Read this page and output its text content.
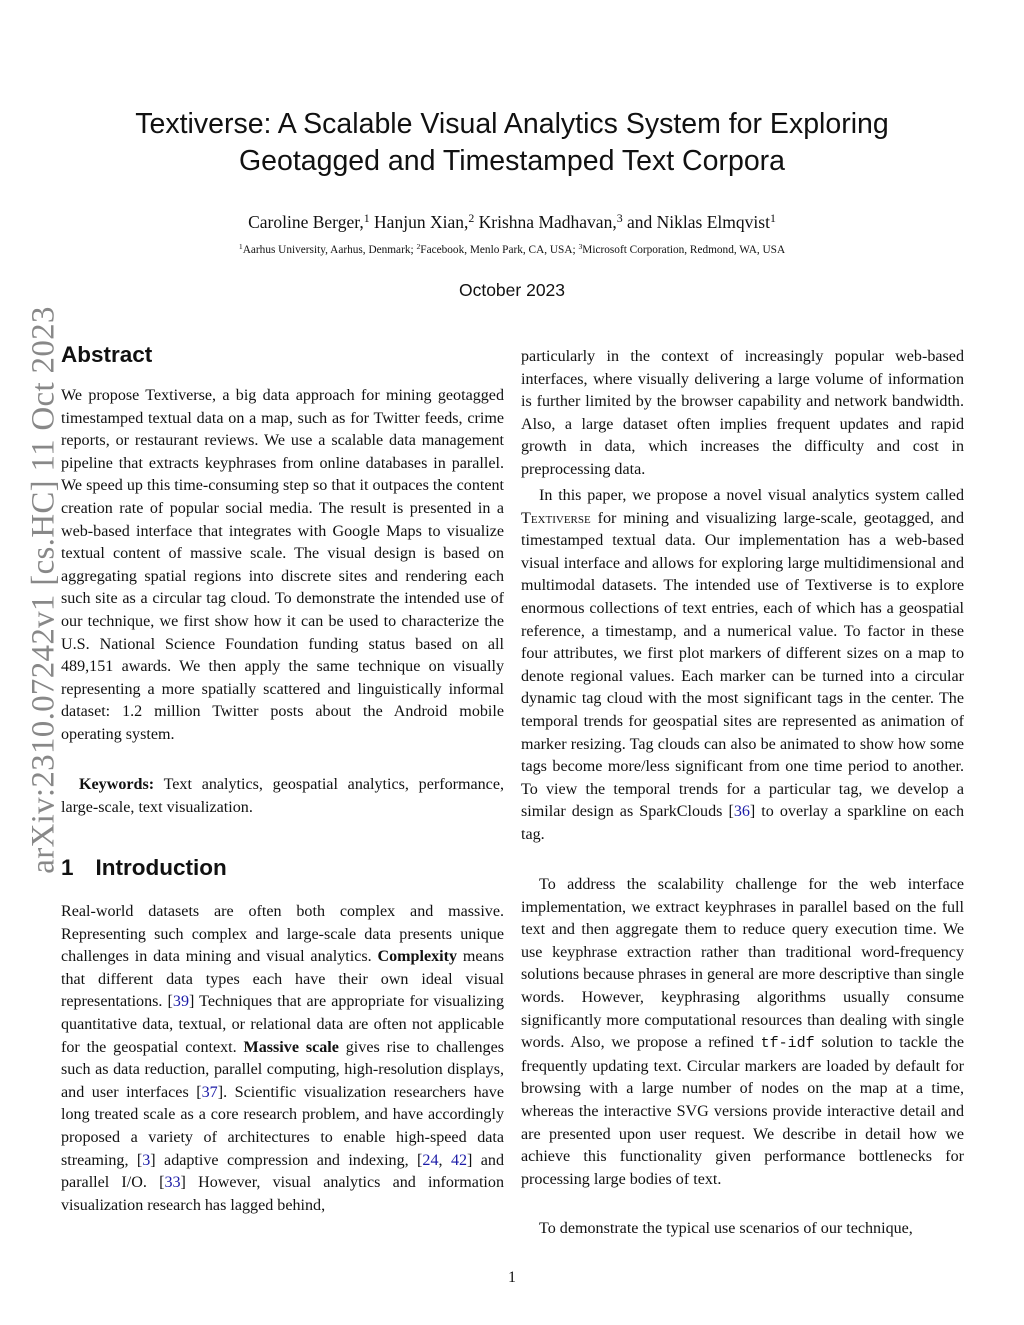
Textiverse: A Scalable Visual Analytics System for Exploring
Geotagged and Timestamped Text Corpora
Caroline Berger,$^1$ Hanjun Xian,$^2$ Krishna Madhavan,$^3$ and Niklas Elmqvist$^1$
$^1$Aarhus University, Aarhus, Denmark; $^2$Facebook, Menlo Park, CA, USA; $^3$Microsoft Corporation, Redmond, WA, USA
October 2023
arXiv:2310.07242v1 [cs.HC] 11 Oct 2023 Abstract

We propose Textiverse, a big data approach for mining geotagged timestamped textual data on a map, such as for Twitter feeds, crime reports, or restaurant reviews. We use a scalable data management pipeline that extracts keyphrases from online databases in parallel. We speed up this time-consuming step so that it outpaces the content creation rate of popular social media. The result is presented in a web-based interface that integrates with Google Maps to visualize textual content of massive scale. The visual design is based on aggregating spatial regions into discrete sites and rendering each such site as a circular tag cloud. To demonstrate the intended use of our technique, we first show how it can be used to characterize the U.S. National Science Foundation funding status based on all 489,151 awards. We then apply the same technique on visually representing a more spatially scattered and linguistically informal dataset: 1.2 million Twitter posts about the Android mobile operating system.

Keywords: Text analytics, geospatial analytics, performance, large-scale, text visualization.

1 Introduction

Real-world datasets are often both complex and massive. Representing such complex and large-scale data presents unique challenges in data mining and visual analytics. Complexity means that different data types each have their own ideal visual representations. [39] Techniques that are appropriate for visualizing quantitative data, textual, or relational data are often not applicable for the geospatial context. Massive scale gives rise to challenges such as data reduction, parallel computing, high-resolution displays, and user interfaces [37]. Scientific visualization researchers have long treated scale as a core research problem, and have accordingly proposed a variety of architectures to enable high-speed data streaming, [3] adaptive compression and indexing, [24, 42] and parallel I/O. [33] However, visual analytics and information visualization research has lagged behind,

particularly in the context of increasingly popular web-based interfaces, where visually delivering a large volume of information is further limited by the browser capability and network bandwidth. Also, a large dataset often implies frequent updates and rapid growth in data, which increases the difficulty and cost in preprocessing data.

In this paper, we propose a novel visual analytics system called Textiverse for mining and visualizing large-scale, geotagged, and timestamped textual data. Our implementation has a web-based visual interface and allows for exploring large multidimensional and multimodal datasets. The intended use of Textiverse is to explore enormous collections of text entries, each of which has a geospatial reference, a timestamp, and a numerical value. To factor in these four attributes, we first plot markers of different sizes on a map to denote regional values. Each marker can be turned into a circular dynamic tag cloud with the most significant tags in the center. The temporal trends for geospatial sites are represented as animation of marker resizing. Tag clouds can also be animated to show how some tags become more/less significant from one time period to another. To view the temporal trends for a particular tag, we develop a similar design as SparkClouds [36] to overlay a sparkline on each tag.

To address the scalability challenge for the web interface implementation, we extract keyphrases in parallel based on the full text and then aggregate them to reduce query execution time. We use keyphrase extraction rather than traditional word-frequency solutions because phrases in general are more descriptive than single words. However, keyphrasing algorithms usually consume significantly more computational resources than dealing with single words. Also, we propose a refined tf-idf solution to tackle the frequently updating text. Circular markers are loaded by default for browsing with a large number of nodes on the map at a time, whereas the interactive SVG versions provide interactive detail and are presented upon user request. We describe in detail how we achieve this functionality given performance bottlenecks for processing large bodies of text.

To demonstrate the typical use scenarios of our technique,

1
